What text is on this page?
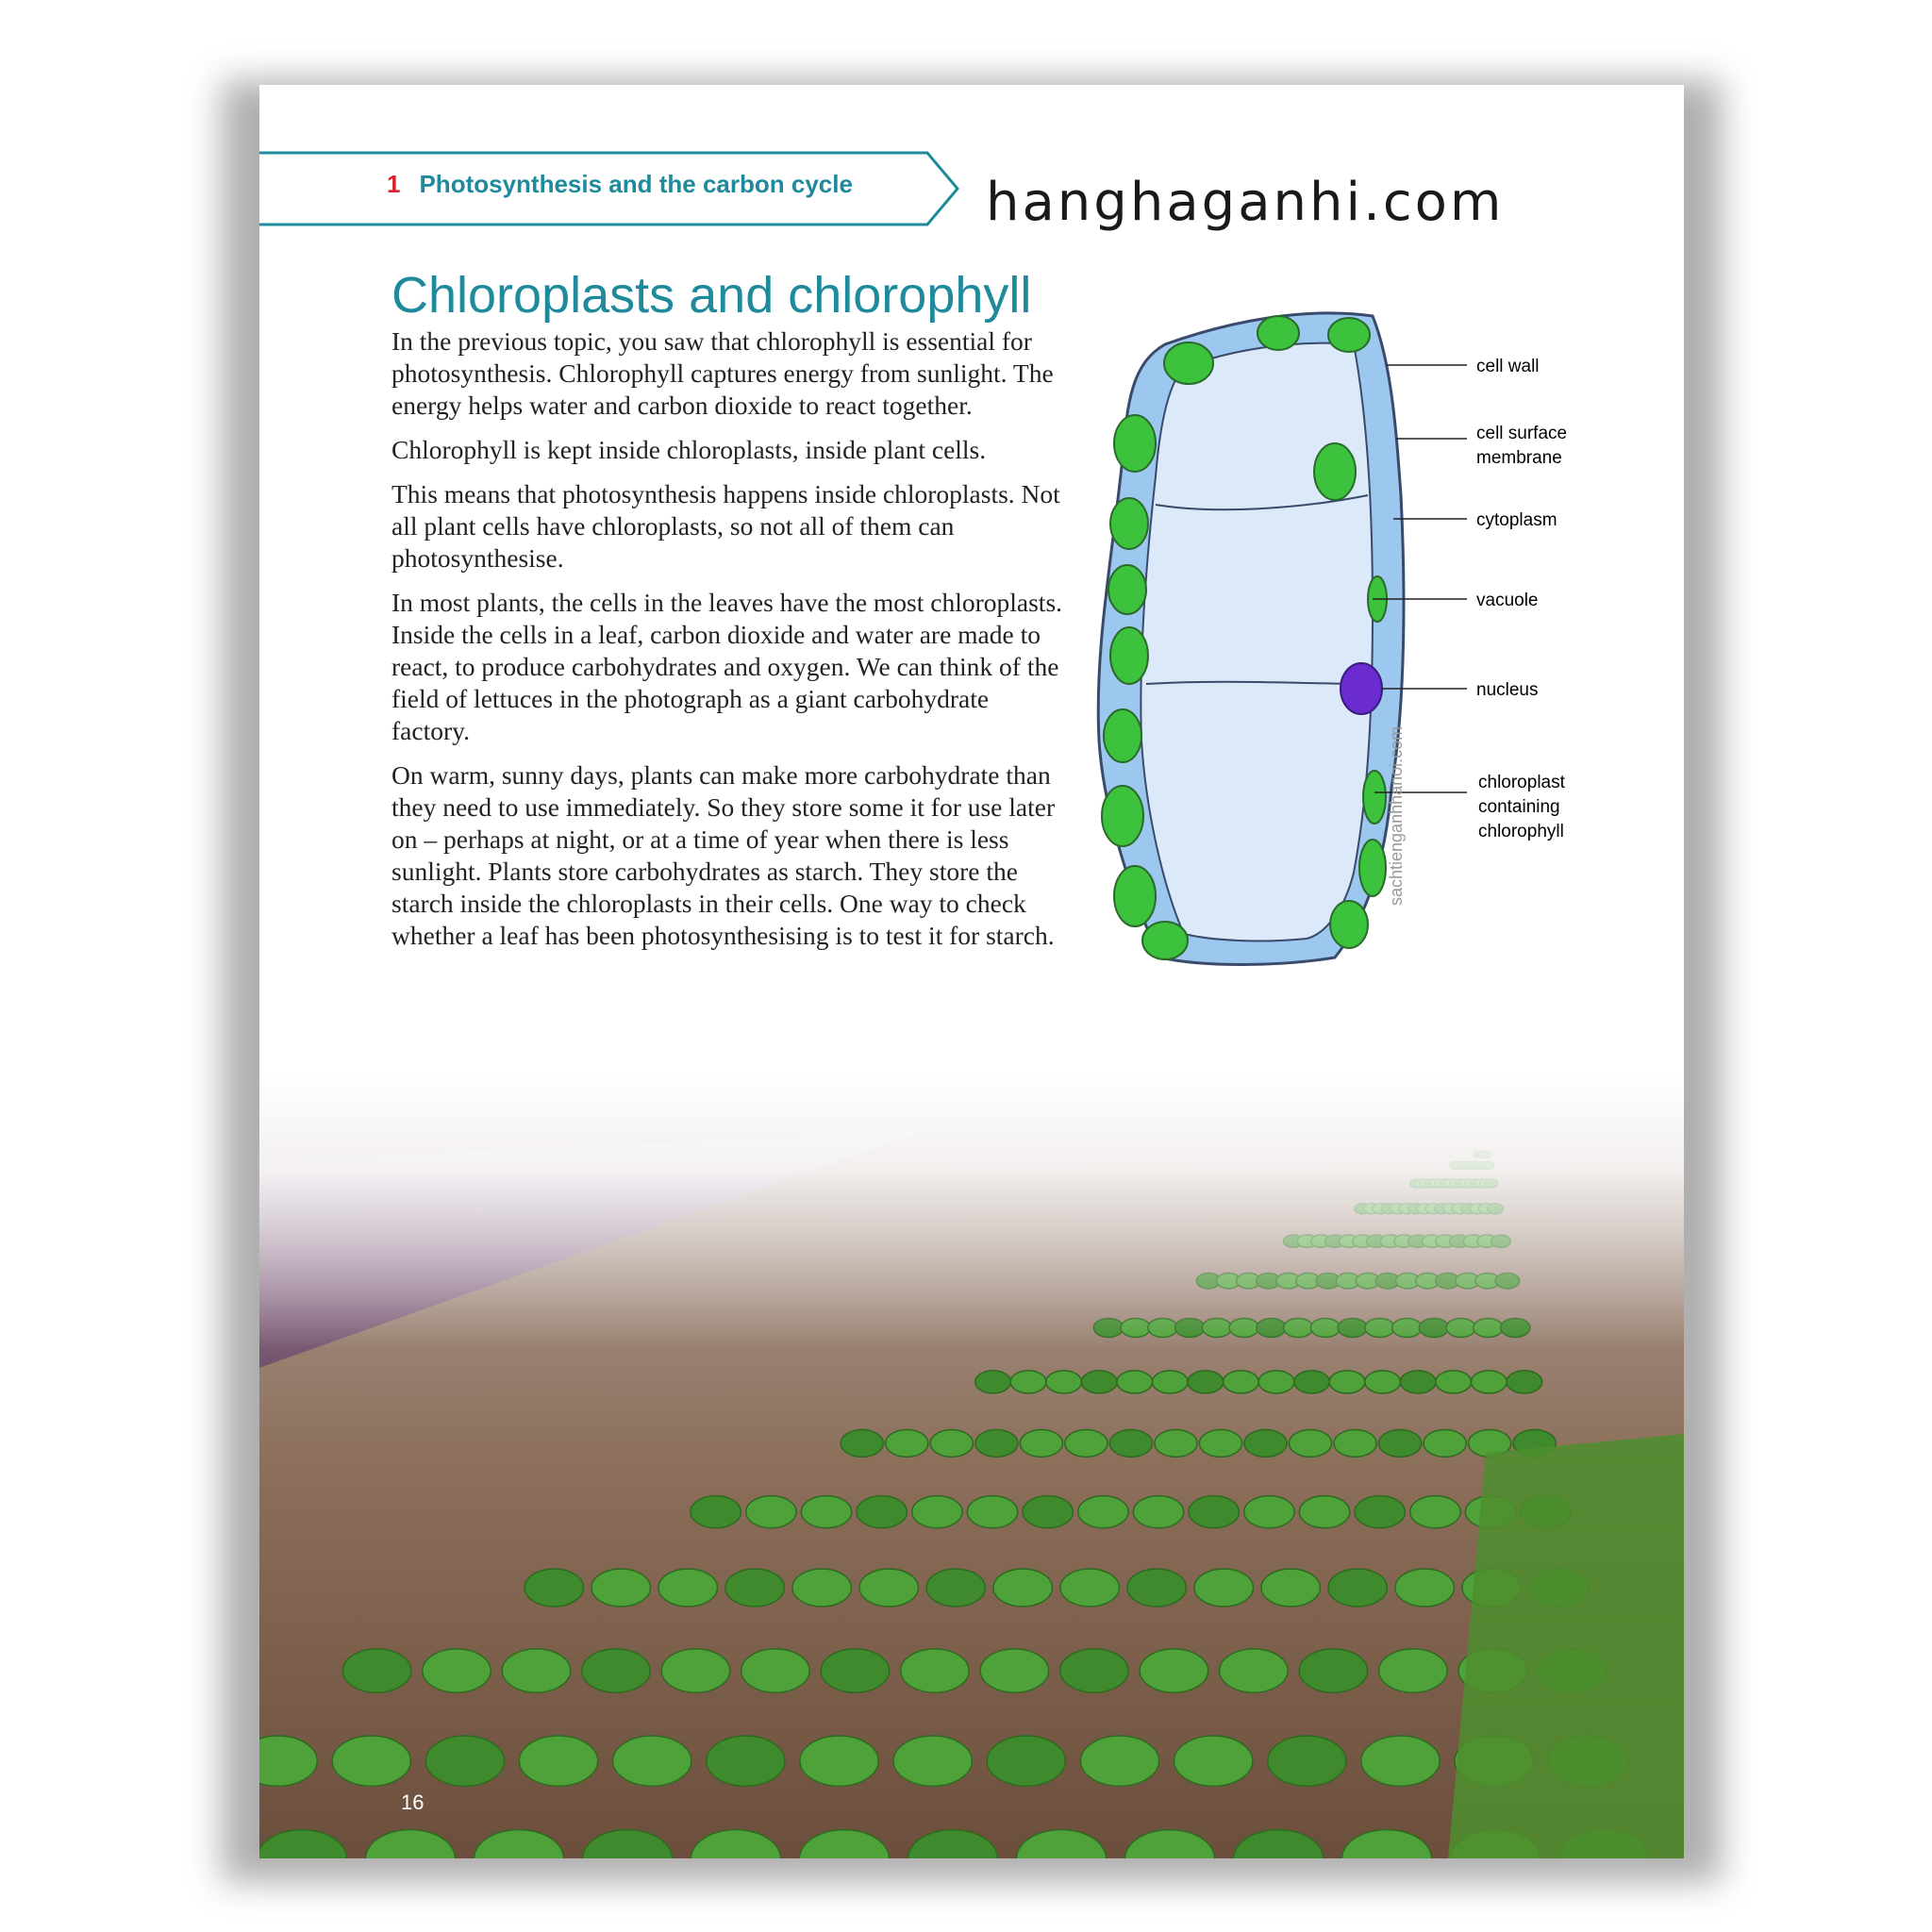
1 Photosynthesis and the carbon cycle	hanghaganhi.com
Chloroplasts and chlorophyll

In the previous topic, you saw that chlorophyll is essential for photosynthesis. Chlorophyll captures energy from sunlight. The energy helps water and carbon dioxide to react together.

Chlorophyll is kept inside chloroplasts, inside plant cells.

This means that photosynthesis happens inside chloroplasts. Not all plant cells have chloroplasts, so not all of them can photosynthesise.

In most plants, the cells in the leaves have the most chloroplasts. Inside the cells in a leaf, carbon dioxide and water are made to react, to produce carbohydrates and oxygen. We can think of the field of lettuces in the photograph as a giant carbohydrate factory.

On warm, sunny days, plants can make more carbohydrate than they need to use immediately. So they store some it for use later on – perhaps at night, or at a time of year when there is less sunlight. Plants store carbohydrates as starch. They store the starch inside the chloroplasts in their cells. One way to check whether a leaf has been photosynthesising is to test it for starch.

cell wall
cell surface
membrane
cytoplasm
vacuole
nucleus
chloroplast
containing
chlorophyll
16
sachtienganhhanoi.com
